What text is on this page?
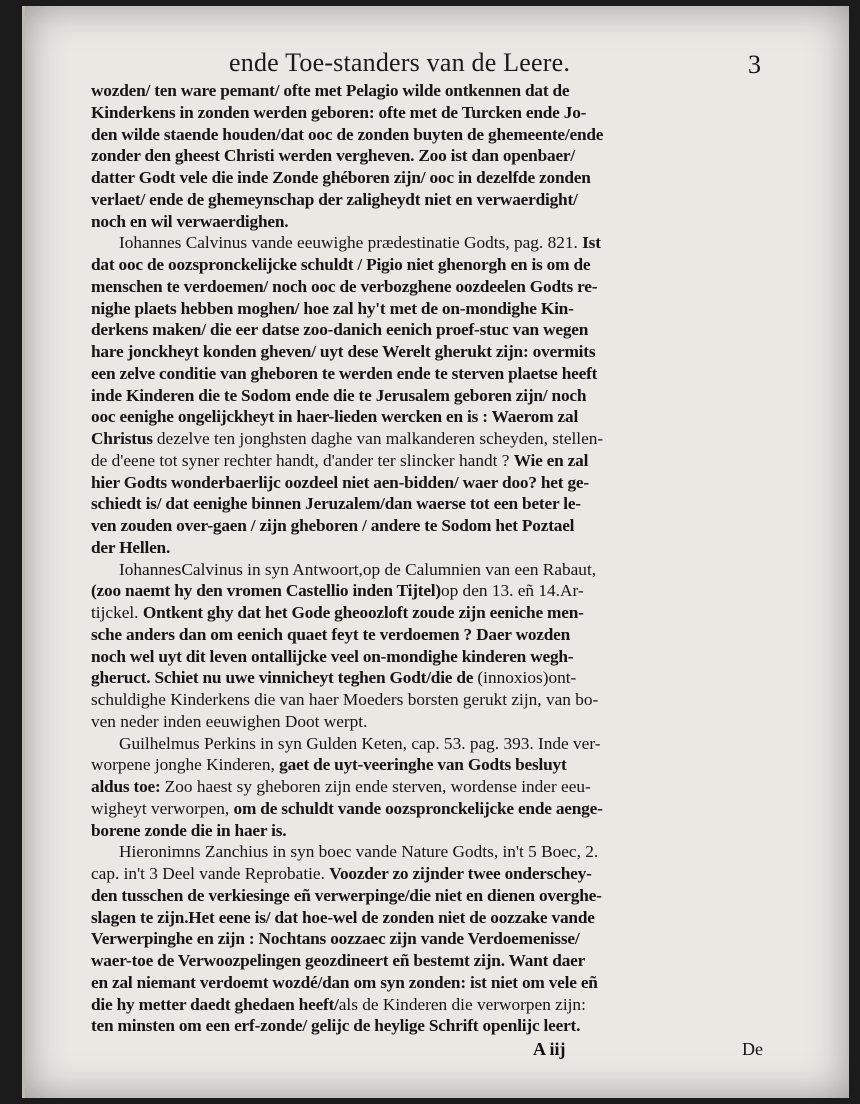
ende Toe-standers van de Leere.	3
wozden/ ten ware pemant/ ofte met Pelagio wilde ontkennen dat de
Kinderkens in zonden werden geboren: ofte met de Turcken ende Jo-
den wilde staende houden/dat ooc de zonden buyten de ghemeente/ende
zonder den gheest Christi werden vergheven. Zoo ist dan openbaer/
datter Godt vele die inde Zonde ghéboren zijn/ ooc in dezelfde zonden
verlaet/ ende de ghemeynschap der zaligheydt niet en verwaerdight/
noch en wil verwaerdighen.
Iohannes Calvinus vande eeuwighe prædestinatie Godts, pag. 821. Ist
dat ooc de oozspronckelijcke schuldt / Pigio niet ghenorgh en is om de
menschen te verdoemen/ noch ooc de verbozghene oozdeelen Godts re-
nighe plaets hebben moghen/ hoe zal hy't met de on-mondighe Kin-
derkens maken/ die eer datse zoo-danich eenich proef-stuc van wegen
hare jonckheyt konden gheven/ uyt dese Werelt gherukt zijn: overmits
een zelve conditie van gheboren te werden ende te sterven plaetse heeft
inde Kinderen die te Sodom ende die te Jerusalem geboren zijn/ noch
ooc eenighe ongelijckheyt in haer-lieden wercken en is : Waerom zal
Christus dezelve ten jonghsten daghe van malkanderen scheyden, stellen-
de d'eene tot syner rechter handt, d'ander ter slincker handt ? Wie en zal
hier Godts wonderbaerlijc oozdeel niet aen-bidden/ waer doo? het ge-
schiedt is/ dat eenighe binnen Jeruzalem/dan waerse tot een beter le-
ven zouden over-gaen / zijn gheboren / andere te Sodom het Poztael
der Hellen.
IohannesCalvinus in syn Antwoort,op de Calumnien van een Rabaut,
(zoo naemt hy den vromen Castellio inden Tijtel)op den 13. eñ 14.Ar-
tijckel. Ontkent ghy dat het Gode gheoozloft zoude zijn eeniche men-
sche anders dan om eenich quaet feyt te verdoemen ? Daer wozden
noch wel uyt dit leven ontallijcke veel on-mondighe kinderen wegh-
gheruct. Schiet nu uwe vinnicheyt teghen Godt/die de (innoxios)ont-
schuldighe Kinderkens die van haer Moeders borsten gerukt zijn, van bo-
ven neder inden eeuwighen Doot werpt.
Guilhelmus Perkins in syn Gulden Keten, cap. 53. pag. 393. Inde ver-
worpene jonghe Kinderen, gaet de uyt-veeringhe van Godts besluyt
aldus toe: Zoo haest sy gheboren zijn ende sterven, wordense inder eeu-
wigheyt verworpen, om de schuldt vande oozspronckelijcke ende aenge-
borene zonde die in haer is.
Hieronimns Zanchius in syn boec vande Nature Godts, in't 5 Boec, 2.
cap. in't 3 Deel vande Reprobatie. Voozder zo zijnder twee onderschey-
den tusschen de verkiesinge eñ verwerpinge/die niet en dienen overghe-
slagen te zijn.Het eene is/ dat hoe-wel de zonden niet de oozzake vande
Verwerpinghe en zijn : Nochtans oozzaec zijn vande Verdoemenisse/
waer-toe de Verwoozpelingen geozdineert eñ bestemt zijn. Want daer
en zal niemant verdoemt wozdé/dan om syn zonden: ist niet om vele eñ
die hy metter daedt ghedaen heeft/als de Kinderen die verworpen zijn:
ten minsten om een erf-zonde/ gelijc de heylige Schrift openlijc leert.
A iij	De
